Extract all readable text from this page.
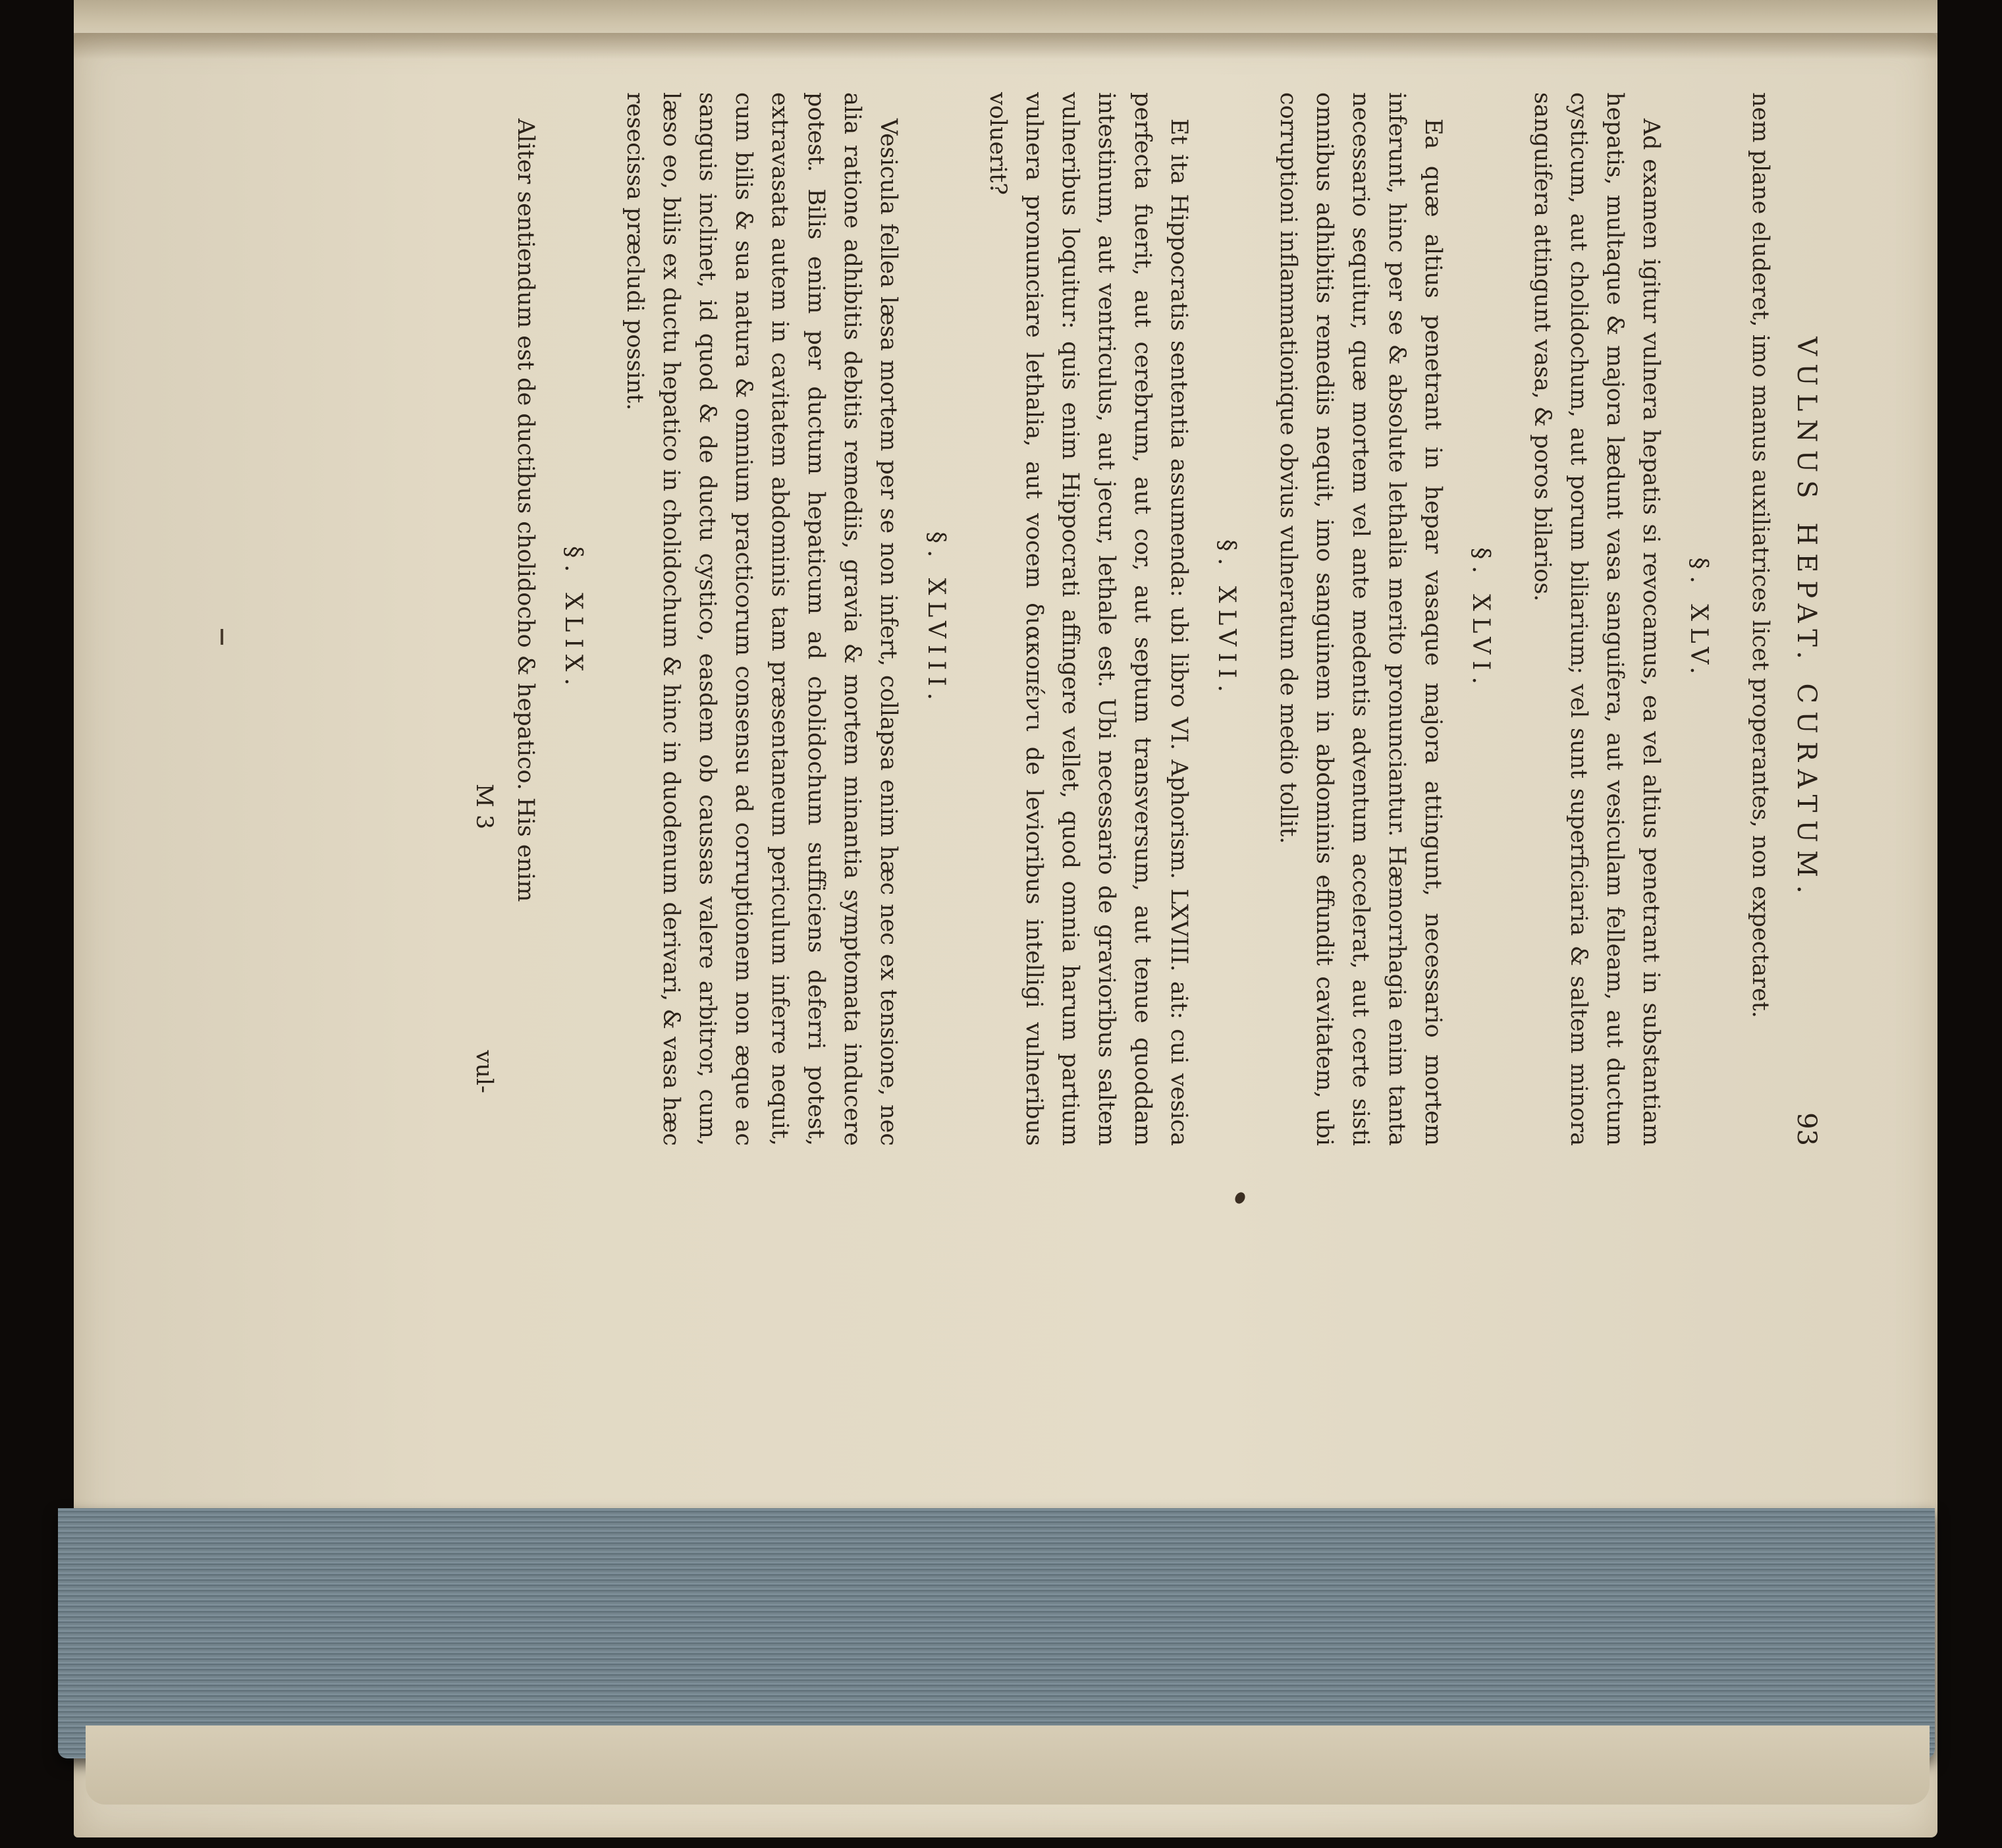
VULNUS HEPAT. CURATUM.
93

nem plane eluderet, imo manus auxiliatrices licet properantes, non expectaret.

§. XLV.

Ad examen igitur vulnera hepatis si revocamus, ea vel altius penetrant in substantiam hepatis, multaque & majora lædunt vasa sanguifera, aut vesiculam felleam, aut ductum cysticum, aut cholidochum, aut porum biliarium; vel sunt superficiaria & saltem minora sanguifera attingunt vasa, & poros bilarios.

§. XLVI.

Ea quæ altius penetrant in hepar vasaque majora attingunt, necessario mortem inferunt, hinc per se & absolute lethalia merito pronunciantur. Hæmorrhagia enim tanta necessario sequitur, quæ mortem vel ante medentis adventum accelerat, aut certe sisti omnibus adhibitis remediis nequit, imo sanguinem in abdominis effundit cavitatem, ubi corruptioni inflammationique obvius vulneratum de medio tollit.

§. XLVII.

Et ita Hippocratis sententia assumenda: ubi libro VI. Aphorism. LXVIII. ait: cui vesica perfecta fuerit, aut cerebrum, aut cor, aut septum transversum, aut tenue quoddam intestinum, aut ventriculus, aut jecur, lethale est. Ubi necessario de gravioribus saltem vulneribus loquitur: quis enim Hippocrati affingere vellet, quod omnia harum partium vulnera pronunciare lethalia, aut vocem διακοπέντι de levioribus intelligi vulneribus voluerit?

§. XLVIII.

Vesicula fellea læsa mortem per se non infert, collapsa enim hæc nec ex tensione, nec alia ratione adhibitis debitis remediis, gravia & mortem minantia symptomata inducere potest. Bilis enim per ductum hepaticum ad cholidochum sufficiens deferri potest, extravasata autem in cavitatem abdominis tam præsentaneum periculum inferre nequit, cum bilis & sua natura & omnium practicorum consensu ad corruptionem non æque ac sanguis inclinet, id quod & de ductu cystico, easdem ob caussas valere arbitror, cum, læso eo, bilis ex ductu hepatico in cholidochum & hinc in duodenum derivari, & vasa hæc resecissa præcludi possint.

§. XLIX.

Aliter sentiendum est de ductibus cholidocho & hepatico. His enim

M 3
vul-
